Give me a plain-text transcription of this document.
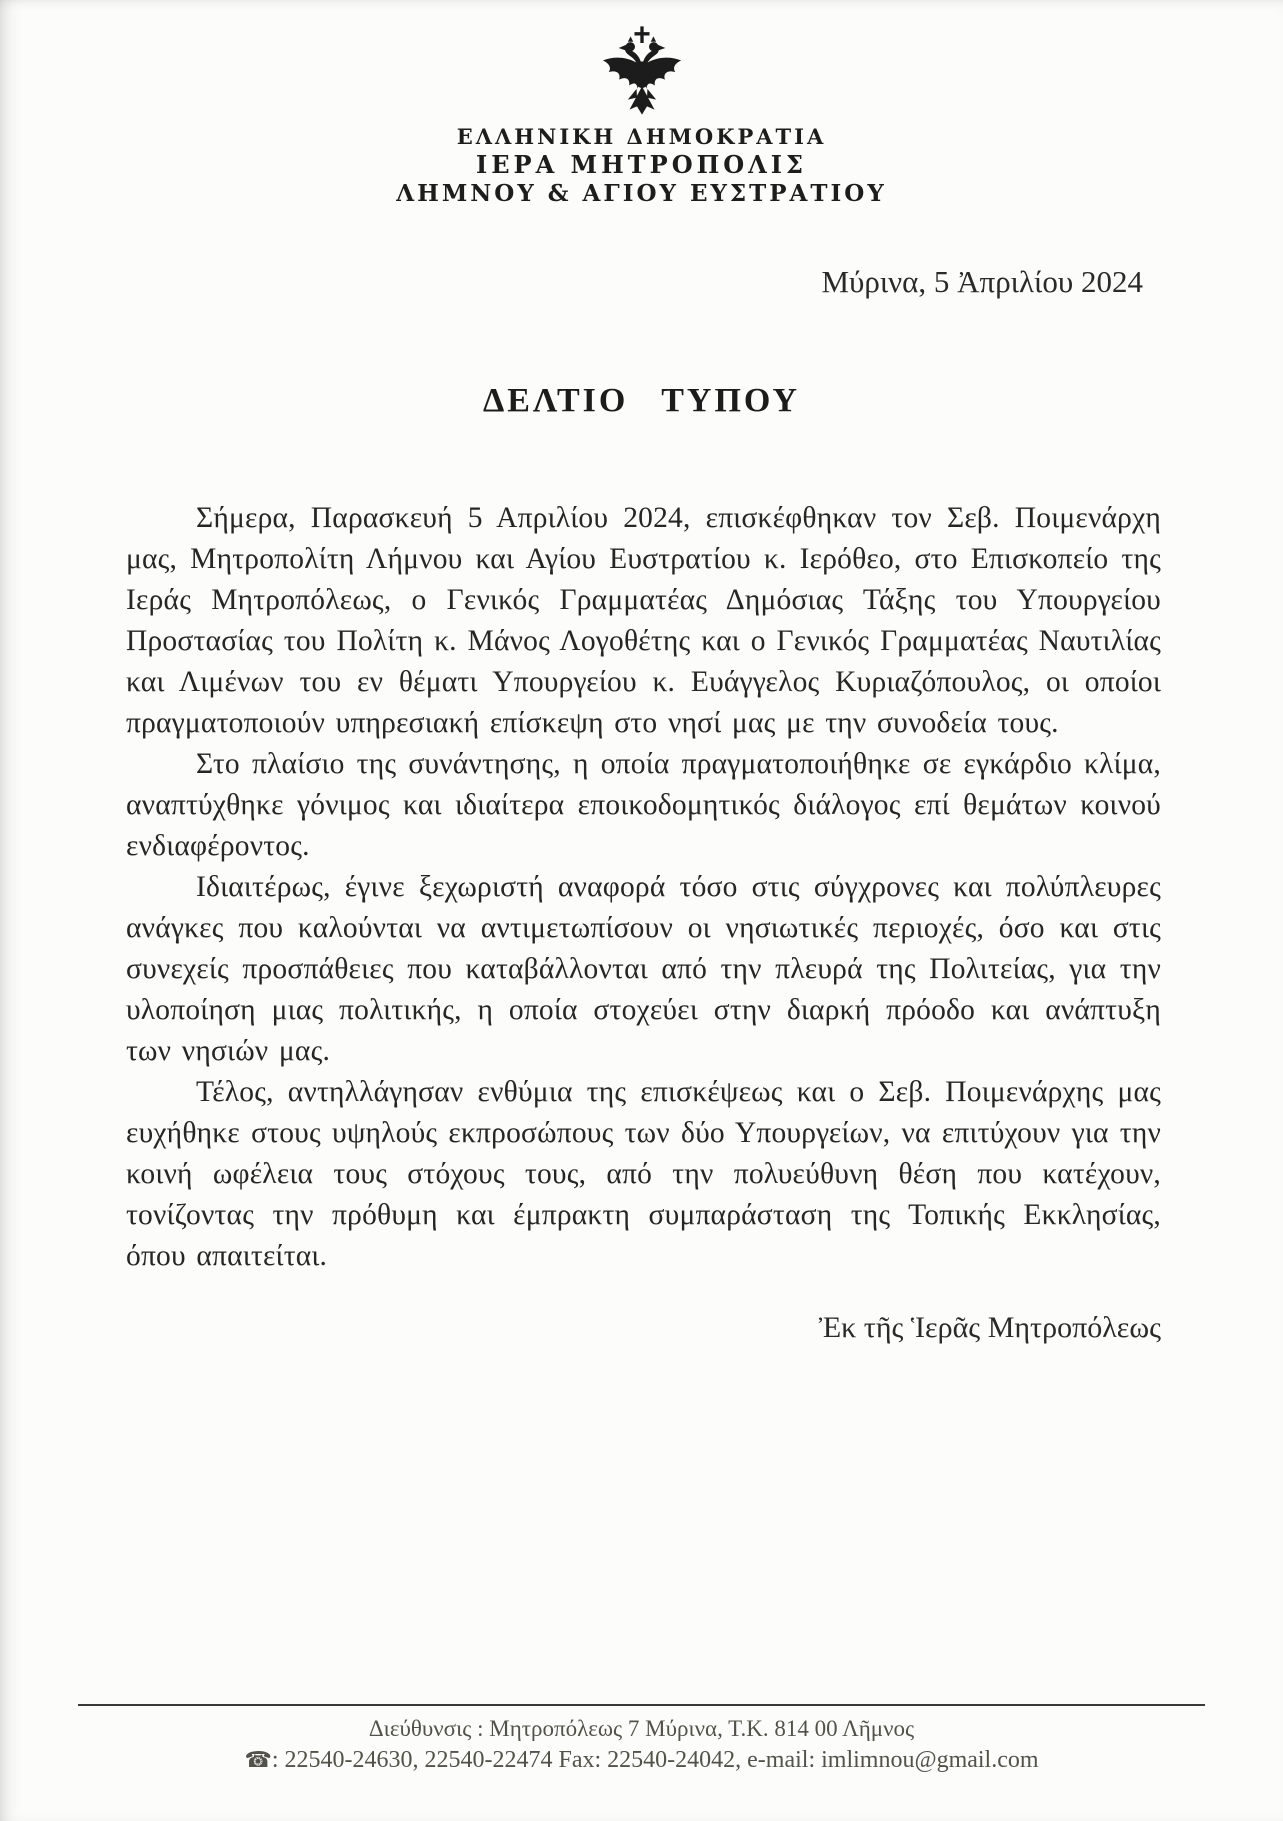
ΕΛΛΗΝΙΚΗ ΔΗΜΟΚΡΑΤΙΑ
ΙΕΡΑ ΜΗΤΡΟΠΟΛΙΣ
ΛΗΜΝΟΥ & ΑΓΙΟΥ ΕΥΣΤΡΑΤΙΟΥ
Μύρινα, 5 Ἀπριλίου 2024
ΔΕΛΤΙΟ ΤΥΠΟΥ

Σήμερα, Παρασκευή 5 Απριλίου 2024, επισκέφθηκαν τον Σεβ. Ποιμενάρχη μας, Μητροπολίτη Λήμνου και Αγίου Ευστρατίου κ. Ιερόθεο, στο Επισκοπείο της Ιεράς Μητροπόλεως, ο Γενικός Γραμματέας Δημόσιας Τάξης του Υπουργείου Προστασίας του Πολίτη κ. Μάνος Λογοθέτης και ο Γενικός Γραμματέας Ναυτιλίας και Λιμένων του εν θέματι Υπουργείου κ. Ευάγγελος Κυριαζόπουλος, οι οποίοι πραγματοποιούν υπηρεσιακή επίσκεψη στο νησί μας με την συνοδεία τους.

Στο πλαίσιο της συνάντησης, η οποία πραγματοποιήθηκε σε εγκάρδιο κλίμα, αναπτύχθηκε γόνιμος και ιδιαίτερα εποικοδομητικός διάλογος επί θεμάτων κοινού ενδιαφέροντος.

Ιδιαιτέρως, έγινε ξεχωριστή αναφορά τόσο στις σύγχρονες και πολύπλευρες ανάγκες που καλούνται να αντιμετωπίσουν οι νησιωτικές περιοχές, όσο και στις συνεχείς προσπάθειες που καταβάλλονται από την πλευρά της Πολιτείας, για την υλοποίηση μιας πολιτικής, η οποία στοχεύει στην διαρκή πρόοδο και ανάπτυξη των νησιών μας.

Τέλος, αντηλλάγησαν ενθύμια της επισκέψεως και ο Σεβ. Ποιμενάρχης μας ευχήθηκε στους υψηλούς εκπροσώπους των δύο Υπουργείων, να επιτύχουν για την κοινή ωφέλεια τους στόχους τους, από την πολυεύθυνη θέση που κατέχουν, τονίζοντας την πρόθυμη και έμπρακτη συμπαράσταση της Τοπικής Εκκλησίας, όπου απαιτείται.

Ἐκ τῆς Ἱερᾶς Μητροπόλεως
Διεύθυνσις : Μητροπόλεως 7 Μύρινα, Τ.Κ. 814 00 Λῆμνος
☎: 22540-24630, 22540-22474 Fax: 22540-24042, e-mail: imlimnou@gmail.com
